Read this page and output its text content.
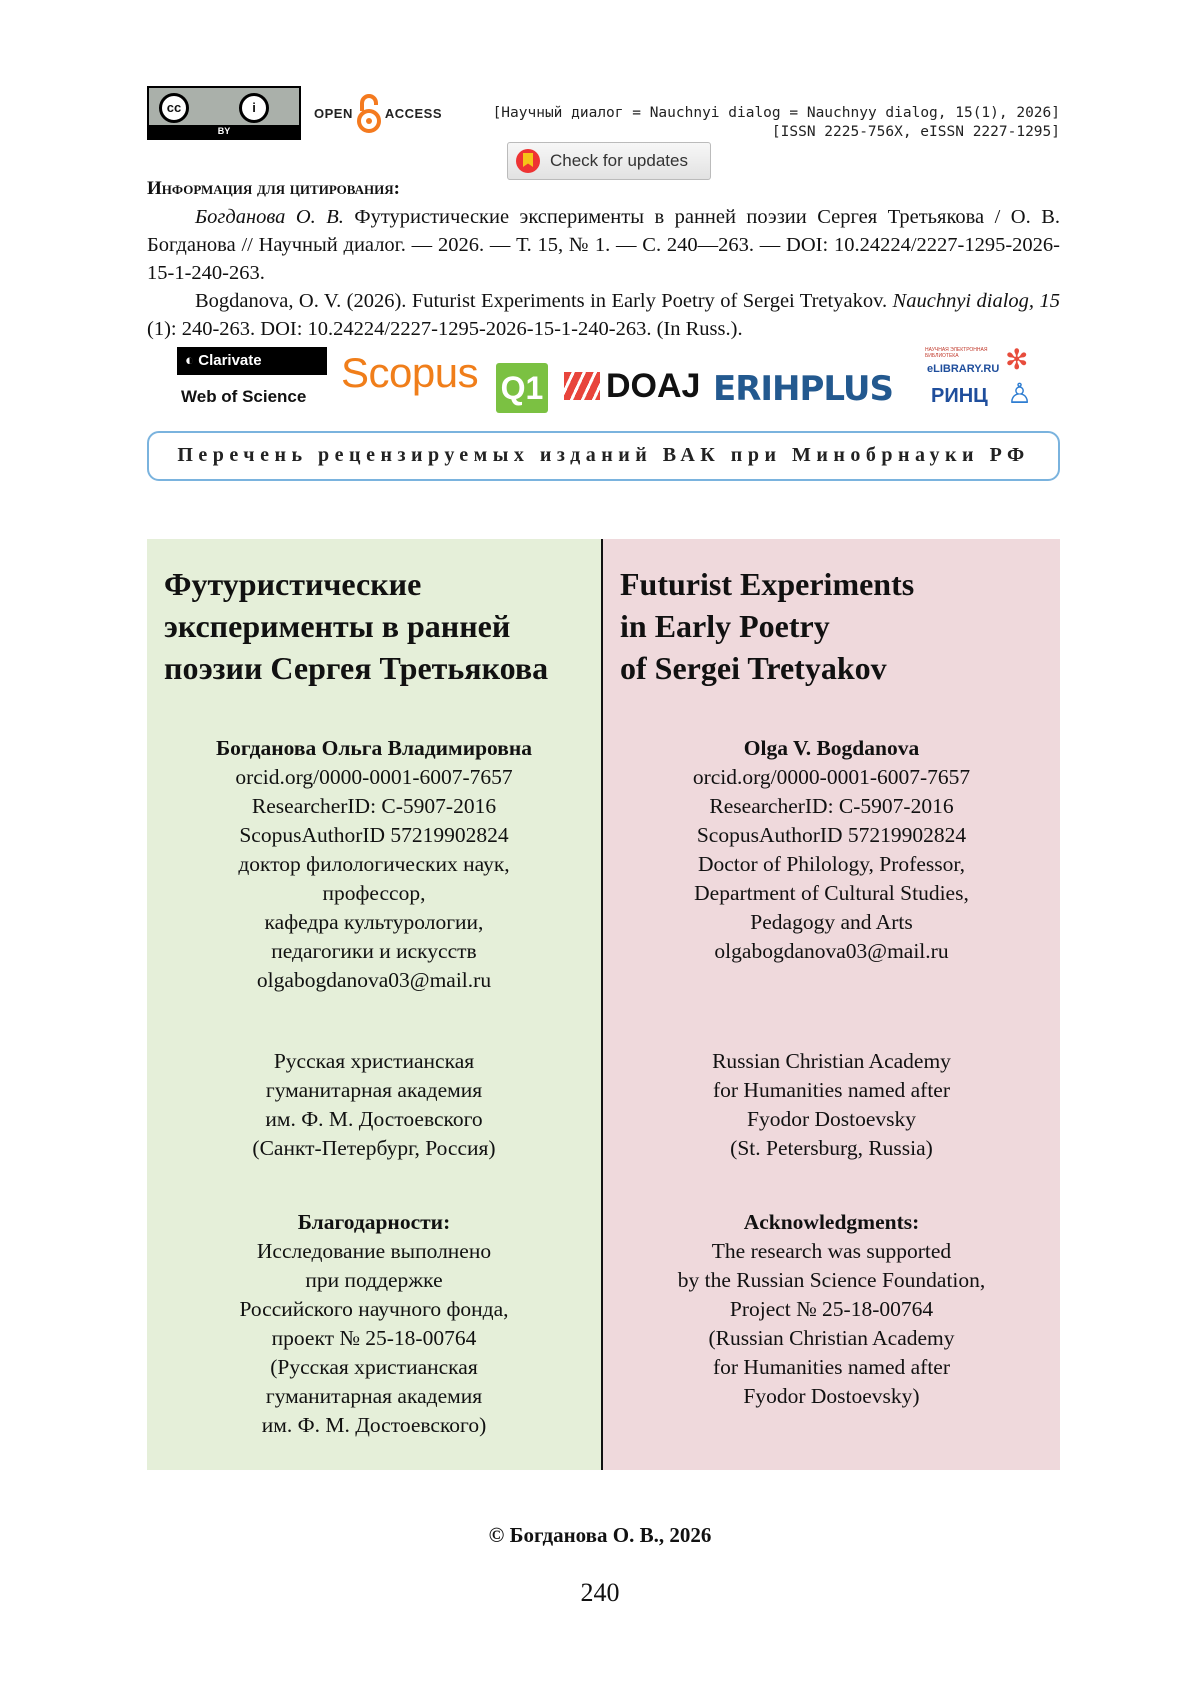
cc	i
BY
OPEN ACCESS	[Научный диалог = Nauchnyi dialog = Nauchnyy dialog, 15(1), 2026]
[ISSN 2225-756X, eISSN 2227-1295]
Check for updates
Информация для цитирования:

Богданова О. В. Футуристические эксперименты в ранней поэзии Сергея Третьякова / О. В. Богданова // Научный диалог. — 2026. — Т. 15, № 1. — С. 240—263. — DOI: 10.24224/2227-1295-2026-15-1-240-263.

Bogdanova, O. V. (2026). Futurist Experiments in Early Poetry of Sergei Tretyakov. Nauchnyi dialog, 15 (1): 240-263. DOI: 10.24224/2227-1295-2026-15-1-240-263. (In Russ.).

◐ Clarivate
Web of Science
Scopus Q1	DOAJ ERIHPLUS
НАУЧНАЯ ЭЛЕКТРОННАЯ БИБЛИОТЕКА
eLIBRARY.RU
РИНЦ
✻
♙
Перечень рецензируемых изданий ВАК при Минобрнауки РФ
Футуристические
эксперименты в ранней
поэзии Сергея Третьякова
Богданова Ольга Владимировна
orcid.org/0000-0001-6007-7657
ResearcherID: C-5907-2016
ScopusAuthorID 57219902824
доктор филологических наук,
профессор,
кафедра культурологии,
педагогики и искусств
olgabogdanova03@mail.ru
Русская христианская
гуманитарная академия
им. Ф. М. Достоевского
(Санкт-Петербург, Россия)
Благодарности:
Исследование выполнено
при поддержке
Российского научного фонда,
проект № 25-18-00764
(Русская христианская
гуманитарная академия
им. Ф. М. Достоевского)
Futurist Experiments
in Early Poetry
of Sergei Tretyakov
Olga V. Bogdanova
orcid.org/0000-0001-6007-7657
ResearcherID: C-5907-2016
ScopusAuthorID 57219902824
Doctor of Philology, Professor,
Department of Cultural Studies,
Pedagogy and Arts
olgabogdanova03@mail.ru
Russian Christian Academy
for Humanities named after
Fyodor Dostoevsky
(St. Petersburg, Russia)
Acknowledgments:
The research was supported
by the Russian Science Foundation,
Project № 25-18-00764
(Russian Christian Academy
for Humanities named after
Fyodor Dostoevsky)
© Богданова О. В., 2026
240
